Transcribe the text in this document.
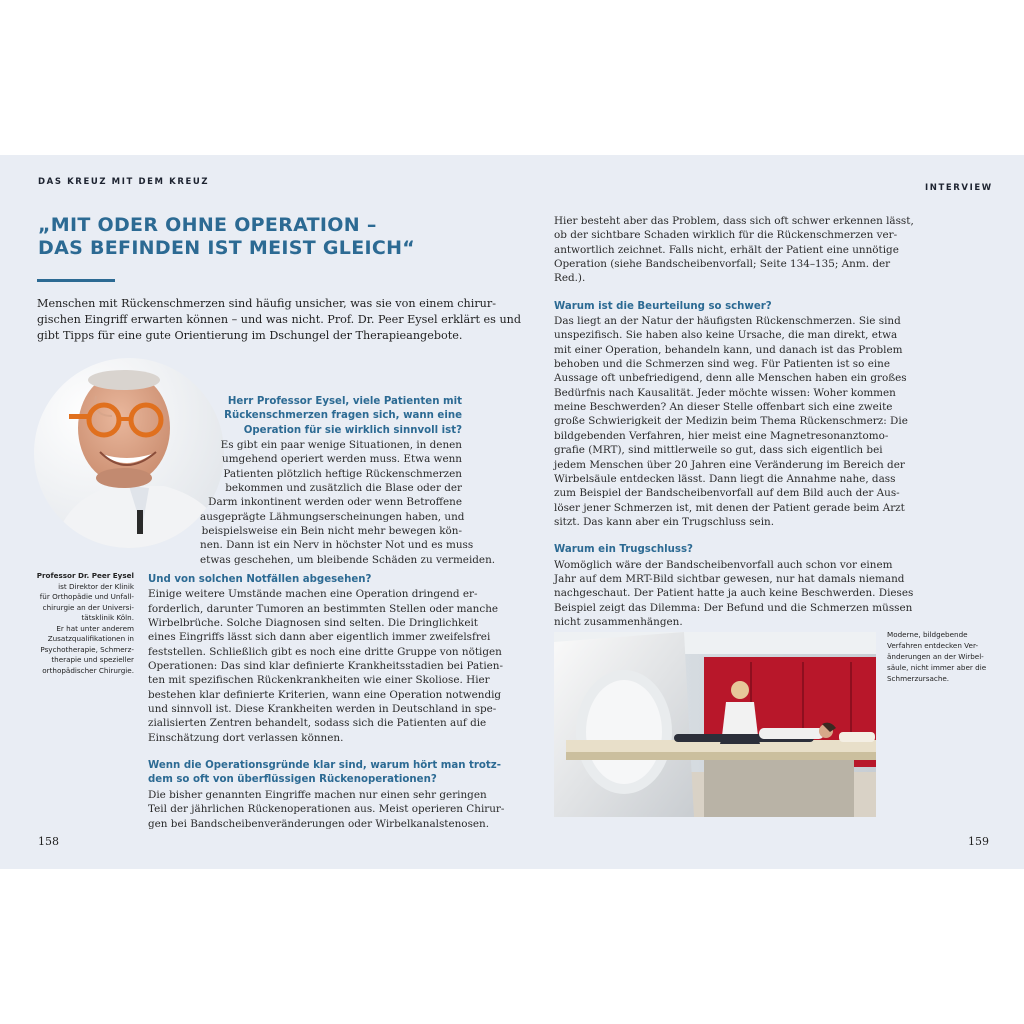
DAS KREUZ MIT DEM KREUZ
INTERVIEW
„MIT ODER OHNE OPERATION –
DAS BEFINDEN IST MEIST GLEICH“

Menschen mit Rückenschmerzen sind häufig unsicher, was sie von einem chirur-

gischen Eingriff erwarten können – und was nicht. Prof. Dr. Peer Eysel erklärt es und

gibt Tipps für eine gute Orientierung im Dschungel der Therapieangebote.

Herr Professor Eysel, viele Patienten mit

Rückenschmerzen fragen sich, wann eine

Operation für sie wirklich sinnvoll ist?

Es gibt ein paar wenige Situationen, in denen

umgehend operiert werden muss. Etwa wenn

Patienten plötzlich heftige Rückenschmerzen

bekommen und zusätzlich die Blase oder der

Darm inkontinent werden oder wenn Betroffene

ausgeprägte Lähmungserscheinungen haben, und

beispielsweise ein Bein nicht mehr bewegen kön-

nen. Dann ist ein Nerv in höchster Not und es muss

etwas geschehen, um bleibende Schäden zu vermeiden.

Professor Dr. Peer Eysel

ist Direktor der Klinik

für Orthopädie und Unfall-

chirurgie an der Universi-

tätsklinik Köln.

Er hat unter anderem

Zusatzqualifikationen in

Psychotherapie, Schmerz-

therapie und spezieller

orthopädischer Chirurgie.

Und von solchen Notfällen abgesehen?

Einige weitere Umstände machen eine Operation dringend er-

forderlich, darunter Tumoren an bestimmten Stellen oder manche

Wirbelbrüche. Solche Diagnosen sind selten. Die Dringlichkeit

eines Eingriffs lässt sich dann aber eigentlich immer zweifelsfrei

feststellen. Schließlich gibt es noch eine dritte Gruppe von nötigen

Operationen: Das sind klar definierte Krankheitsstadien bei Patien-

ten mit spezifischen Rückenkrankheiten wie einer Skoliose. Hier

bestehen klar definierte Kriterien, wann eine Operation notwendig

und sinnvoll ist. Diese Krankheiten werden in Deutschland in spe-

zialisierten Zentren behandelt, sodass sich die Patienten auf die

Einschätzung dort verlassen können.

Wenn die Operationsgründe klar sind, warum hört man trotz-

dem so oft von überflüssigen Rückenoperationen?

Die bisher genannten Eingriffe machen nur einen sehr geringen

Teil der jährlichen Rückenoperationen aus. Meist operieren Chirur-

gen bei Bandscheibenveränderungen oder Wirbelkanalstenosen.

Hier besteht aber das Problem, dass sich oft schwer erkennen lässt,

ob der sichtbare Schaden wirklich für die Rückenschmerzen ver-

antwortlich zeichnet. Falls nicht, erhält der Patient eine unnötige

Operation (siehe Bandscheibenvorfall; Seite 134–135; Anm. der

Red.).

Warum ist die Beurteilung so schwer?

Das liegt an der Natur der häufigsten Rückenschmerzen. Sie sind

unspezifisch. Sie haben also keine Ursache, die man direkt, etwa

mit einer Operation, behandeln kann, und danach ist das Problem

behoben und die Schmerzen sind weg. Für Patienten ist so eine

Aussage oft unbefriedigend, denn alle Menschen haben ein großes

Bedürfnis nach Kausalität. Jeder möchte wissen: Woher kommen

meine Beschwerden? An dieser Stelle offenbart sich eine zweite

große Schwierigkeit der Medizin beim Thema Rückenschmerz: Die

bildgebenden Verfahren, hier meist eine Magnetresonanztomo-

grafie (MRT), sind mittlerweile so gut, dass sich eigentlich bei

jedem Menschen über 20 Jahren eine Veränderung im Bereich der

Wirbelsäule entdecken lässt. Dann liegt die Annahme nahe, dass

zum Beispiel der Bandscheibenvorfall auf dem Bild auch der Aus-

löser jener Schmerzen ist, mit denen der Patient gerade beim Arzt

sitzt. Das kann aber ein Trugschluss sein.

Warum ein Trugschluss?

Womöglich wäre der Bandscheibenvorfall auch schon vor einem

Jahr auf dem MRT-Bild sichtbar gewesen, nur hat damals niemand

nachgeschaut. Der Patient hatte ja auch keine Beschwerden. Dieses

Beispiel zeigt das Dilemma: Der Befund und die Schmerzen müssen

nicht zusammenhängen.

Moderne, bildgebende

Verfahren entdecken Ver-

änderungen an der Wirbel-

säule, nicht immer aber die

Schmerzursache.

158	159
